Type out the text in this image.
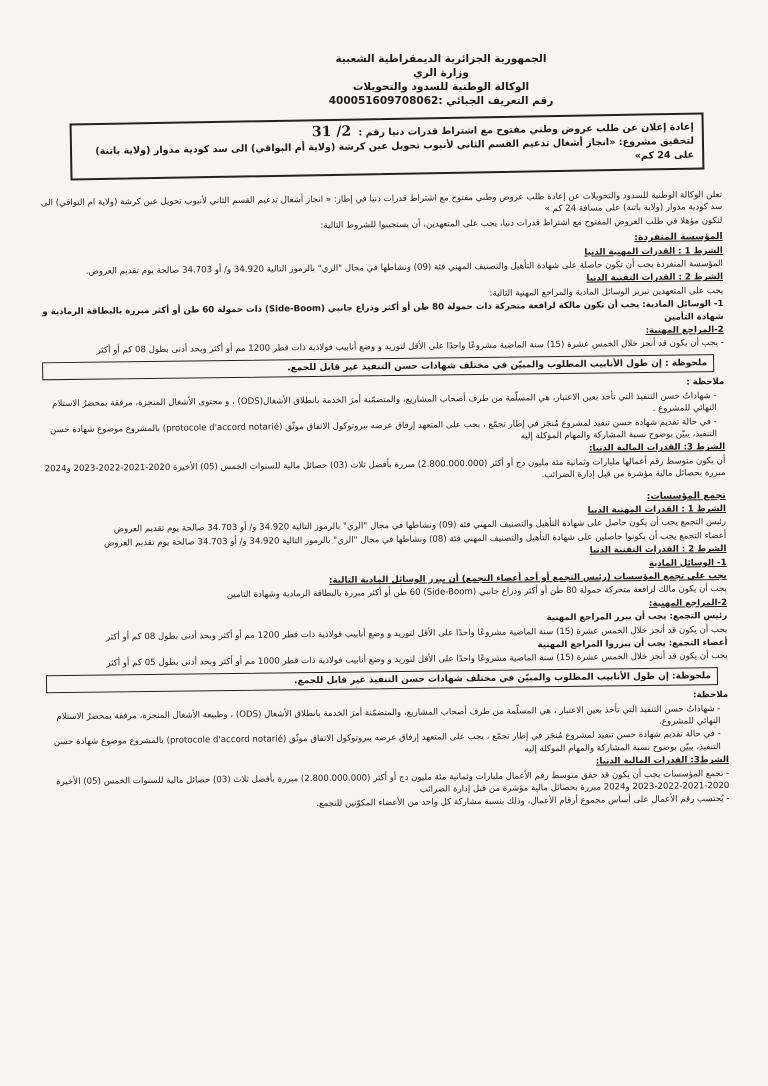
الجمهورية الجزائرية الديمقراطية الشعبية
وزارة الري
الوكالة الوطنية للسدود والتحويلات
رقم التعريف الجبائي :400051609708062
إعادة إعلان عن طلب عروض وطني مفتوح مع اشتراط قدرات دنيا رقم : 2/ 31
لتحقيق مشروع: «انجاز أشغال تدعيم القسم الثاني لأنبوب تحويل عين كرشة (ولاية أم البواقي) الى سد كودية مدوار (ولاية باتنة) على 24 كم»

تعلن الوكالة الوطنية للسدود والتحويلات عن إعادة طلب عروض وطني مفتوح مع اشتراط قدرات دنيا في إطار: « انجاز أشغال تدعيم القسم الثاني لأنبوب تحويل عين كرشة (ولاية ام البواقي) الى سد كودية مدوار (ولاية باتنة) على مسافة 24 كم »

لتكون مؤهلا في طلب العروض المفتوح مع اشتراط قدرات دنيا، يجب على المتعهدين، أن يستجيبوا للشروط التالية:

المؤسسة المنفردة:

الشرط 1 : القدرات المهنية الدنيا

المؤسسة المنفردة يجب أن تكون حاصلة على شهادة التأهيل والتصنيف المهني فئة (09) ونشاطها في مجال "الري" بالرموز التالية 34.920 و/ أو 34.703 صالحة يوم تقديم العروض.

الشرط 2 : القدرات التقنية الدنيا

يجب على المتعهدين تبرير الوسائل المادية والمراجع المهنية التالية:

1- الوسائل المادية: يجب أن تكون مالكة لرافعة متحركة ذات حمولة 80 طن أو أكثر وذراع جانبي (Side-Boom) ذات حمولة 60 طن أو أكثر مبررة بالبطاقة الرمادية و شهادة التأمين

2-المراجع المهنية:

- يجب أن يكون قد أنجز خلال الخمس عشرة (15) سنة الماضية مشروعًا واحدًا على الأقل لتوريد و وضع أنابيب فولاذية ذات قطر 1200 مم أو أكثر وبحد أدنى بطول 08 كم أو أكثر

ملحوظة : إن طول الأنابيب المطلوب والمبيّن في مختلف شهادات حسن التنفيذ غير قابل للجمع.

ملاحظة :

- شهاداتُ حسن التنفيذ التي تأخذ بعين الاعتبار، هي المسلّمة من طرف أصحاب المشاريع، والمتضمّنة أمرَ الخدمة بانطلاق الأشغال(ODS) ، و محتوى الأشغال المنجزة، مرفقة بمحضرُ الاستلام النهائي للمشروع .

- في حالة تقديم شهادة حسن تنفيذ لمشروع مُنجَز في إطار تجمّع ، يجب على المتعهد إرفاق عرضه ببروتوكول الاتفاق موثّق (protocole d'accord notarié) بالمشروع موضوع شهادة حسن التنفيذ، يبيّن بوضوح نسبة المشاركة والمهام الموكلة إليه

الشرط 3: القدرات المالية الدنيا:

أن يكون متوسط رقم أعمالها مليارات وثمانية مئة مليون دج أو أكثر (2.800.000.000) مبررة بأفضل ثلاث (03) حصائل مالية للسنوات الخمس (05) الأخيرة 2020-2021-2022-2023 و2024 مبررة بحصائل مالية مؤشرة من قبل إدارة الضرائب.

تجمع المؤسسات:

الشرط 1 : القدرات المهنية الدنيا

رئيس التجمع يجب أن يكون حاصل على شهادة التأهيل والتصنيف المهني فئة (09) ونشاطها في مجال "الري" بالرموز التالية 34.920 و/ أو 34.703 صالحة يوم تقديم العروض

أعضاء التجمع يجب أن يكونوا حاصلين على شهادة التأهيل والتصنيف المهني فئة (08) ونشاطها في مجال "الري" بالرموز التالية 34.920 و/ أو 34.703 صالحة يوم تقديم العروض

الشرط 2 : القدرات التقنية الدنيا

1- الوسائل المادية

يجب على تجمع المؤسسات (رئيس التجمع أو أحد أعضاء التجمع) أن يبرر الوسائل المادية التالية:

يجب أن يكون مالك لرافعة متحركة حمولة 80 طن أو أكثر وذراع جانبي (Side-Boom) 60 طن أو أكثر مبررة بالبطاقة الرمادية وشهادة التامين

2-المراجع المهنية:

رئيس التجمع: يجب أن يبرر المراجع المهنية

يجب أن يكون قد أنجز خلال الخمس عشرة (15) سنة الماضية مشروعًا واحدًا على الأقل لتوريد و وضع أنابيب فولاذية ذات قطر 1200 مم أو أكثر وبحد أدنى بطول 08 كم أو أكثر

أعضاء التجمع: يجب أن يبرروا المراجع المهنية

يجب أن يكون قد أنجز خلال الخمس عشرة (15) سنة الماضية مشروعًا واحدًا على الأقل لتوريد و وضع أنابيب فولاذية ذات قطر 1000 مم أو أكثر وبحد أدنى بطول 05 كم أو أكثر

ملحوظة: إن طول الأنابيب المطلوب والمبيّن في مختلف شهادات حسن التنفيذ غير قابل للجمع.

ملاحظة:

- شهاداتُ حسن التنفيذ التي تأخذ بعين الاعتبار ، هي المسلّمة من طرف أصحاب المشاريع، والمتضمّنة أمرَ الخدمة بانطلاق الأشغال (ODS) ، وطبيعة الأشغال المنجزة، مرفقة بمحضرُ الاستلام النهائي للمشروع.

- في حالة تقديم شهادة حسن تنفيذ لمشروع مُنجَز في إطار تجمّع ، يجب على المتعهد إرفاق عرضه ببروتوكول الاتفاق موثّق (protocole d'accord notarié) بالمشروع موضوع شهادة حسن التنفيذ، يبيّن بوضوح نسبة المشاركة والمهام الموكلة إليه

الشرط3: القدرات المالية الدنيا:

- تجمع المؤسسات يجب أن يكون قد حقق متوسط رقم الأعمال مليارات وثمانية مئة مليون دج أو أكثر (2.800.000.000) مبررة بأفضل ثلاث (03) حصائل مالية للسنوات الخمس (05) الأخيرة 2020-2021-2022-2023 و2024 مبررة بحصائل مالية مؤشرة من قبل إدارة الضرائب

- يُحتسب رقم الأعمال على أساس مجموع أرقام الأعمال، وذلك بنسبة مشاركة كل واحد من الأعضاء المكوّنين للتجمع.
